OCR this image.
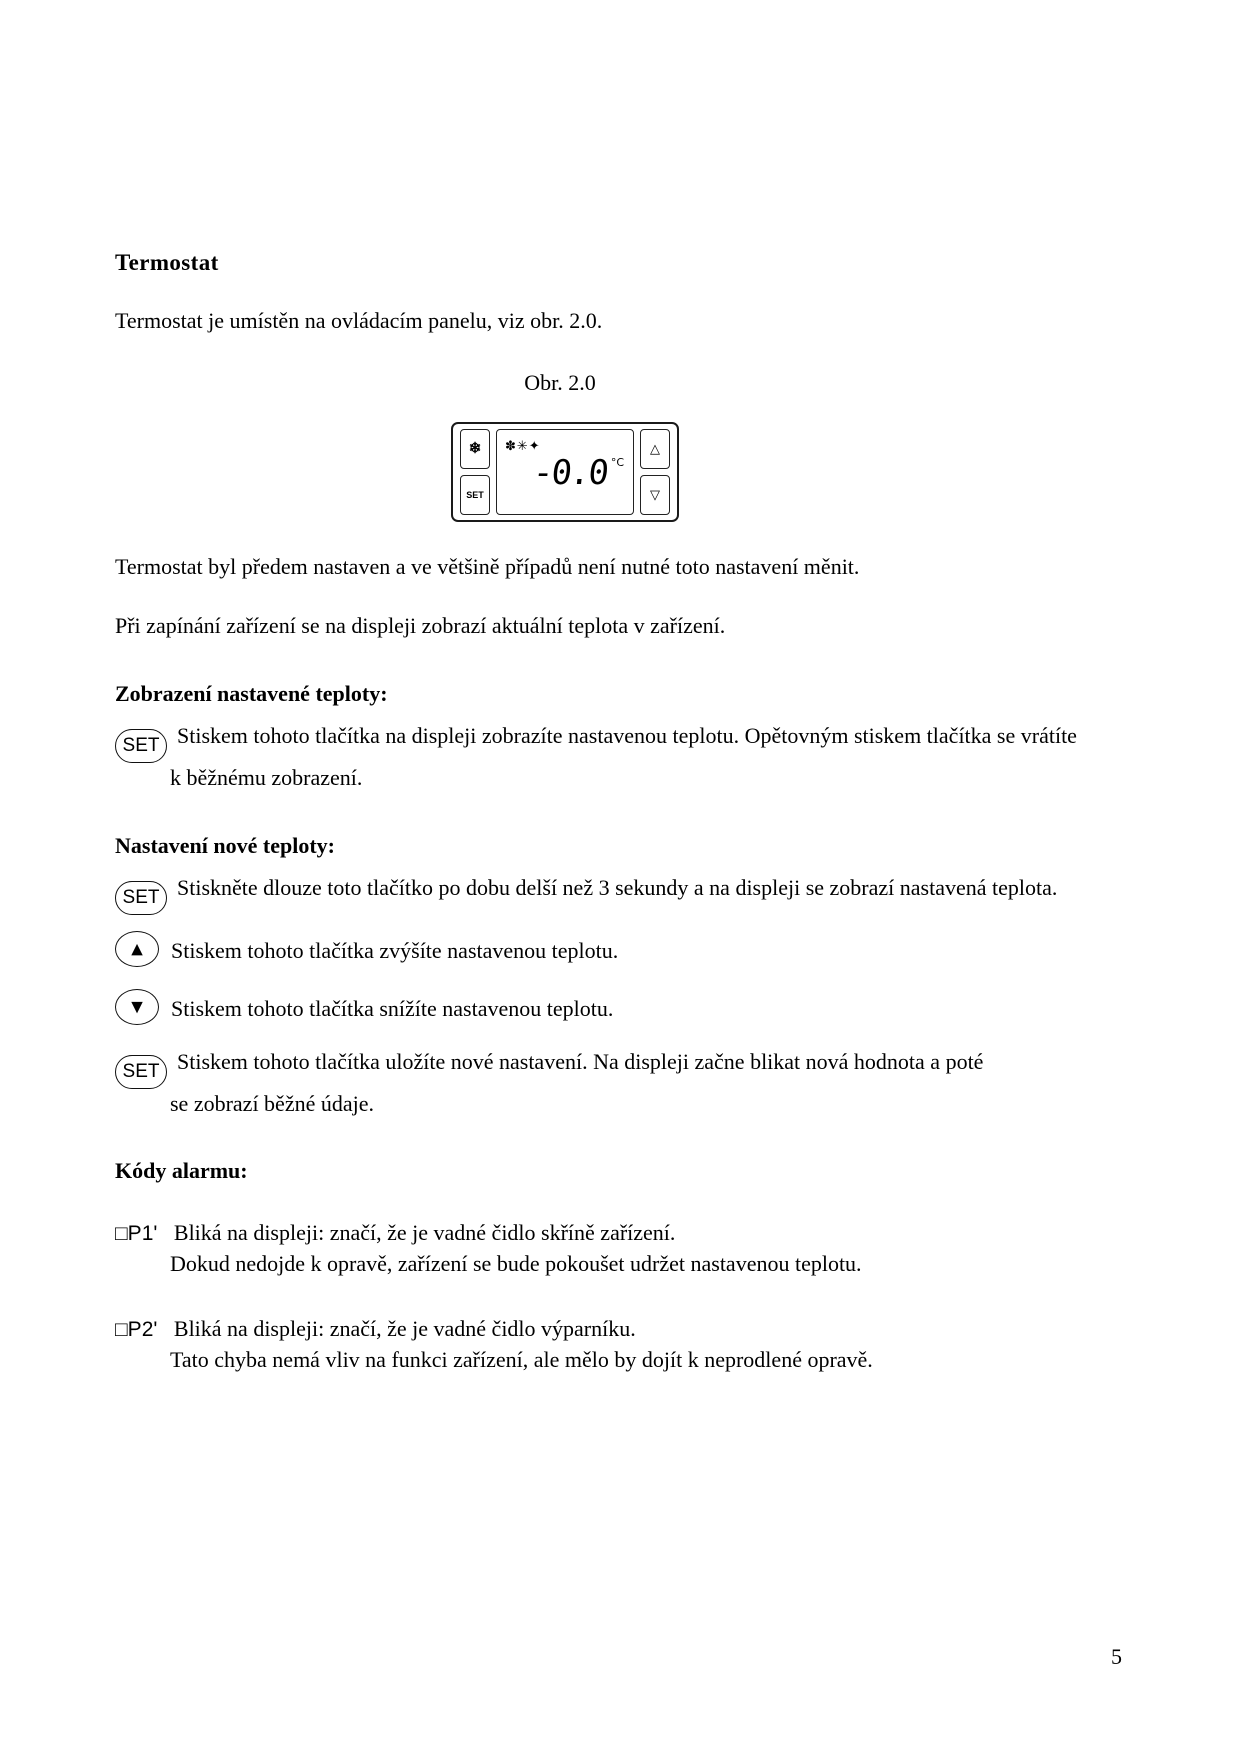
Termostat

Termostat je umístěn na ovládacím panelu, viz obr. 2.0.

Obr. 2.0
❄
SET
✽✳✦
-0.0 °C
△
▽

Termostat byl předem nastaven a ve většině případů není nutné toto nastavení měnit.

Při zapínání zařízení se na displeji zobrazí aktuální teplota v zařízení.

Zobrazení nastavené teploty:
SET Stiskem tohoto tlačítka na displeji zobrazíte nastavenou teplotu. Opětovným stiskem tlačítka se vrátíte
k běžnému zobrazení.
Nastavení nové teploty:
SET Stiskněte dlouze toto tlačítko po dobu delší než 3 sekundy a na displeji se zobrazí nastavená teplota.
▲	Stiskem tohoto tlačítka zvýšíte nastavenou teplotu.
▼	Stiskem tohoto tlačítka snížíte nastavenou teplotu.
SET Stiskem tohoto tlačítka uložíte nové nastavení. Na displeji začne blikat nová hodnota a poté
se zobrazí běžné údaje.
Kódy alarmu:
□P1' Bliká na displeji: značí, že je vadné čidlo skříně zařízení.
Dokud nedojde k opravě, zařízení se bude pokoušet udržet nastavenou teplotu.
□P2' Bliká na displeji: značí, že je vadné čidlo výparníku.
Tato chyba nemá vliv na funkci zařízení, ale mělo by dojít k neprodlené opravě.
5
